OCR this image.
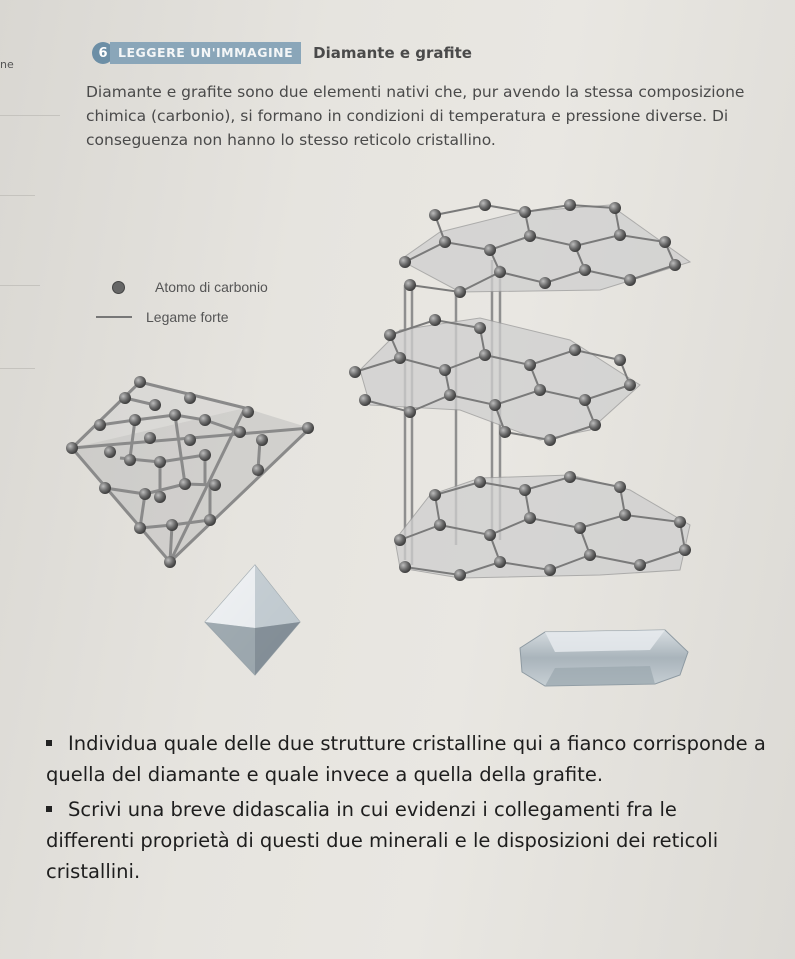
ne
6 LEGGERE UN'IMMAGINE	Diamante e grafite
Diamante e grafite sono due elementi nativi che, pur avendo la stessa composizione chimica (carbonio), si formano in condizioni di temperatura e pressione diverse. Di conseguenza non hanno lo stesso reticolo cristallino.
Atomo di carbonio
Legame forte
Individua quale delle due strutture cristalline qui a fianco corrisponde a quella del diamante e quale invece a quella della grafite.
Scrivi una breve didascalia in cui evidenzi i collegamenti fra le differenti proprietà di questi due minerali e le disposizioni dei reticoli cristallini.
